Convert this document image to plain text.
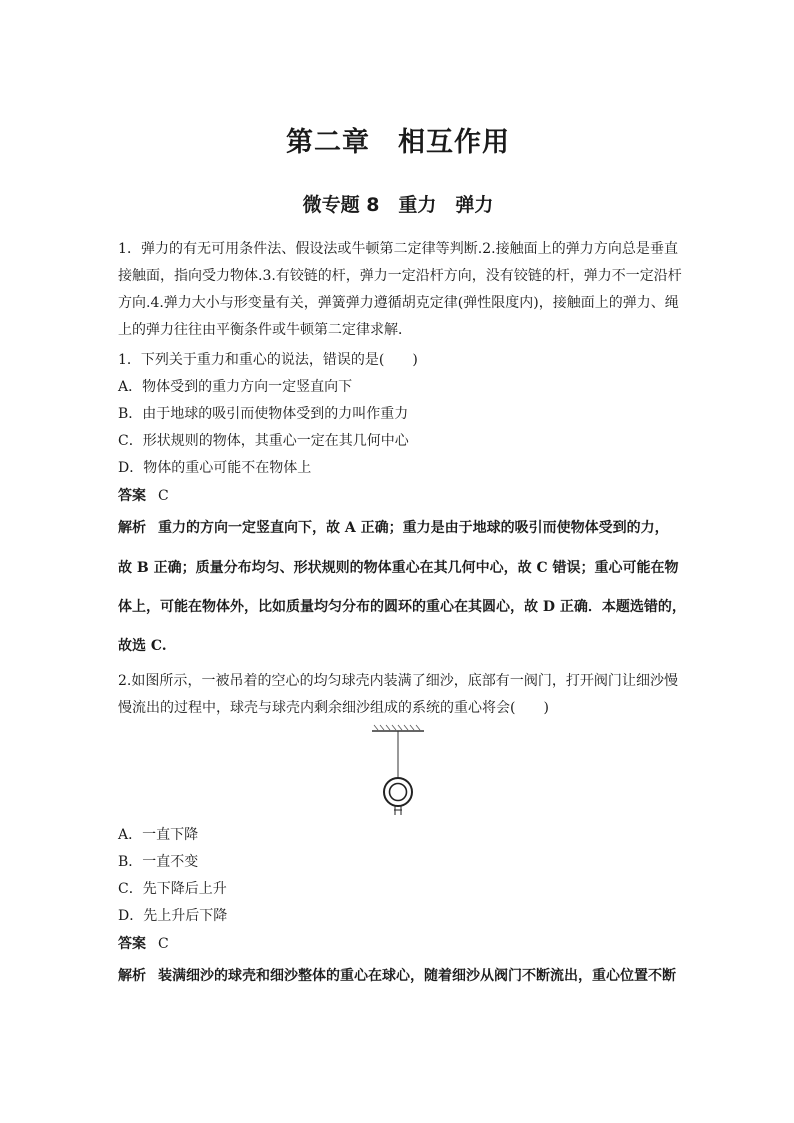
第二章　相互作用
微专题 8　重力　弹力
1．弹力的有无可用条件法、假设法或牛顿第二定律等判断.2.接触面上的弹力方向总是垂直
接触面，指向受力物体.3.有铰链的杆，弹力一定沿杆方向，没有铰链的杆，弹力不一定沿杆
方向.4.弹力大小与形变量有关，弹簧弹力遵循胡克定律(弹性限度内)，接触面上的弹力、绳
上的弹力往往由平衡条件或牛顿第二定律求解．
1．下列关于重力和重心的说法，错误的是(　　)
A．物体受到的重力方向一定竖直向下
B．由于地球的吸引而使物体受到的力叫作重力
C．形状规则的物体，其重心一定在其几何中心
D．物体的重心可能不在物体上
答案 C
解析 重力的方向一定竖直向下，故 A 正确；重力是由于地球的吸引而使物体受到的力，
故 B 正确；质量分布均匀、形状规则的物体重心在其几何中心，故 C 错误；重心可能在物
体上，可能在物体外，比如质量均匀分布的圆环的重心在其圆心，故 D 正确．本题选错的，
故选 C.
2.如图所示，一被吊着的空心的均匀球壳内装满了细沙，底部有一阀门，打开阀门让细沙慢
慢流出的过程中，球壳与球壳内剩余细沙组成的系统的重心将会(　　)
A．一直下降
B．一直不变
C．先下降后上升
D．先上升后下降
答案 C
解析 装满细沙的球壳和细沙整体的重心在球心，随着细沙从阀门不断流出，重心位置不断
